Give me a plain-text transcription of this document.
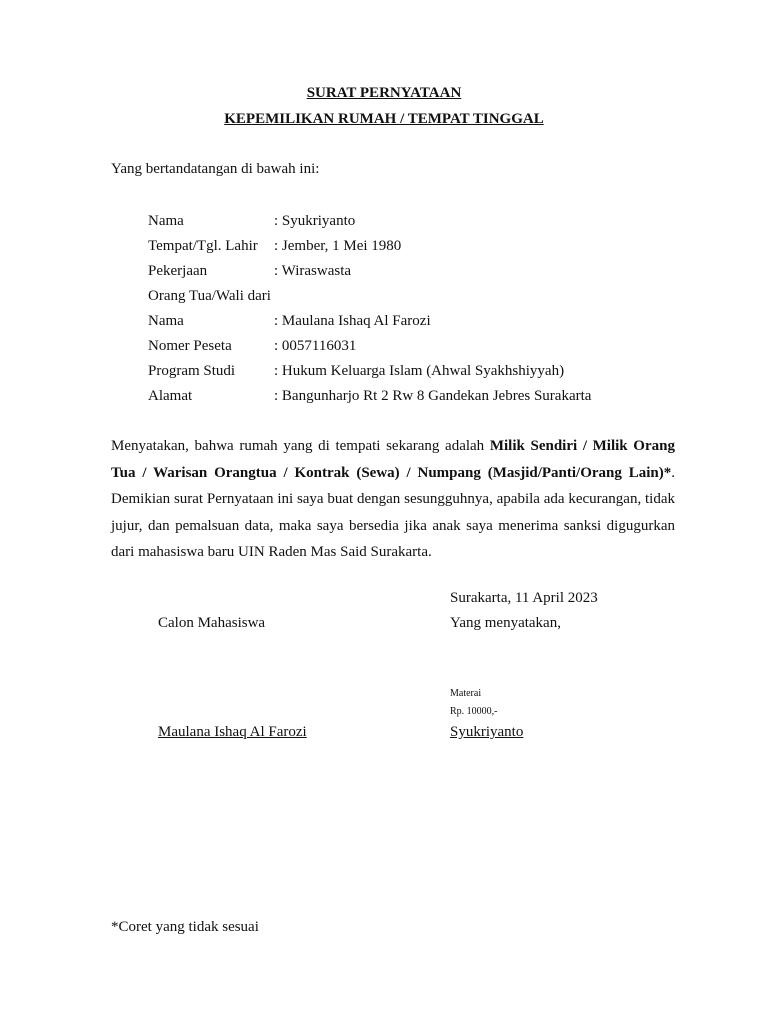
SURAT PERNYATAAN
KEPEMILIKAN RUMAH / TEMPAT TINGGAL
Yang bertandatangan di bawah ini:
Nama	: Syukriyanto
Tempat/Tgl. Lahir : Jember, 1 Mei 1980
Pekerjaan	: Wiraswasta
Orang Tua/Wali dari
Nama	: Maulana Ishaq Al Farozi
Nomer Peseta	: 0057116031
Program Studi	: Hukum Keluarga Islam (Ahwal Syakhshiyyah)
Alamat	: Bangunharjo Rt 2 Rw 8 Gandekan Jebres Surakarta
Menyatakan, bahwa rumah yang di tempati sekarang adalah Milik Sendiri / Milik Orang Tua / Warisan Orangtua / Kontrak (Sewa) / Numpang (Masjid/Panti/Orang Lain)*. Demikian surat Pernyataan ini saya buat dengan sesungguhnya, apabila ada kecurangan, tidak jujur, dan pemalsuan data, maka saya bersedia jika anak saya menerima sanksi digugurkan dari mahasiswa baru UIN Raden Mas Said Surakarta.
Surakarta, 11 April 2023
Calon Mahasiswa	Yang menyatakan,
Materai
Rp. 10000,-
Maulana Ishaq Al Farozi	Syukriyanto
*Coret yang tidak sesuai
